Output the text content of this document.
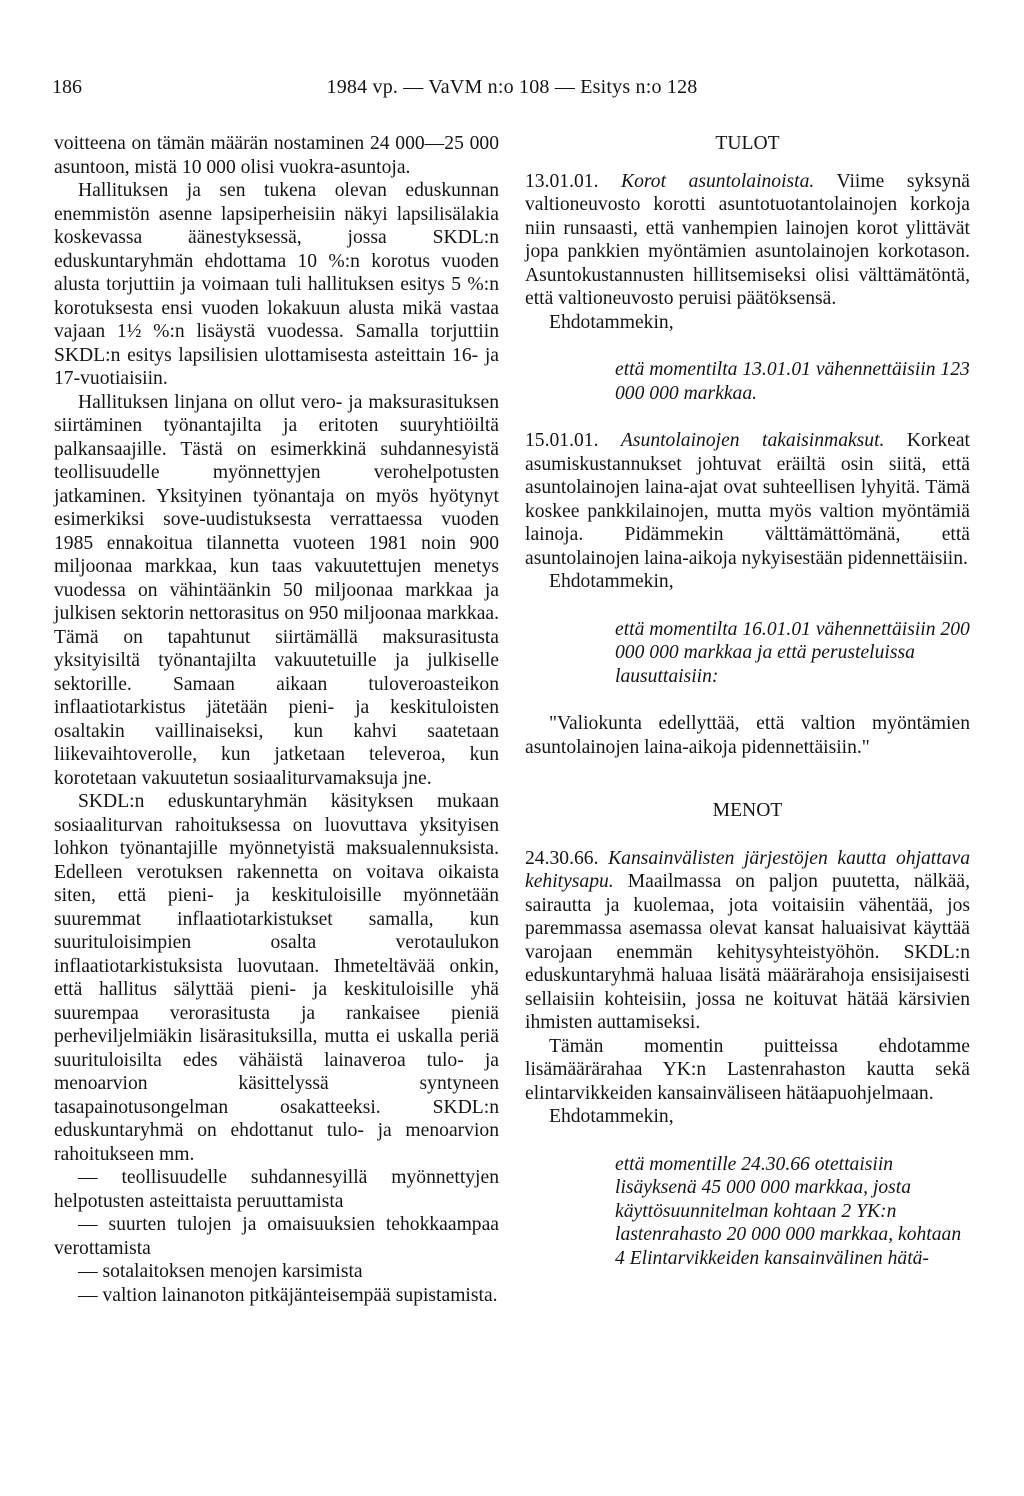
186	1984 vp. — VaVM n:o 108 — Esitys n:o 128

voitteena on tämän määrän nostaminen 24 000—25 000 asuntoon, mistä 10 000 olisi vuokra-asuntoja.

Hallituksen ja sen tukena olevan eduskunnan enemmistön asenne lapsiperheisiin näkyi lapsilisälakia koskevassa äänestyksessä, jossa SKDL:n eduskuntaryhmän ehdottama 10 %:n korotus vuoden alusta torjuttiin ja voimaan tuli hallituksen esitys 5 %:n korotuksesta ensi vuoden lokakuun alusta mikä vastaa vajaan 1½ %:n lisäystä vuodessa. Samalla torjuttiin SKDL:n esitys lapsilisien ulottamisesta asteittain 16- ja 17-vuotiaisiin.

Hallituksen linjana on ollut vero- ja maksurasituksen siirtäminen työnantajilta ja eritoten suuryhtiöiltä palkansaajille. Tästä on esimerkkinä suhdannesyistä teollisuudelle myönnettyjen verohelpotusten jatkaminen. Yksityinen työnantaja on myös hyötynyt esimerkiksi sove-uudistuksesta verrattaessa vuoden 1985 ennakoitua tilannetta vuoteen 1981 noin 900 miljoonaa markkaa, kun taas vakuutettujen menetys vuodessa on vähintäänkin 50 miljoonaa markkaa ja julkisen sektorin nettorasitus on 950 miljoonaa markkaa. Tämä on tapahtunut siirtämällä maksurasitusta yksityisiltä työnantajilta vakuutetuille ja julkiselle sektorille. Samaan aikaan tuloveroasteikon inflaatiotarkistus jätetään pieni- ja keskituloisten osaltakin vaillinaiseksi, kun kahvi saatetaan liikevaihtoverolle, kun jatketaan televeroa, kun korotetaan vakuutetun sosiaaliturvamaksuja jne.

SKDL:n eduskuntaryhmän käsityksen mukaan sosiaaliturvan rahoituksessa on luovuttava yksityisen lohkon työnantajille myönnetyistä maksualennuksista. Edelleen verotuksen rakennetta on voitava oikaista siten, että pieni- ja keskituloisille myönnetään suuremmat inflaatiotarkistukset samalla, kun suurituloisimpien osalta verotaulukon inflaatiotarkistuksista luovutaan. Ihmeteltävää onkin, että hallitus sälyttää pieni- ja keskituloisille yhä suurempaa verorasitusta ja rankaisee pieniä perheviljelmiäkin lisärasituksilla, mutta ei uskalla periä suurituloisilta edes vähäistä lainaveroa tulo- ja menoarvion käsittelyssä syntyneen tasapainotusongelman osakatteeksi. SKDL:n eduskuntaryhmä on ehdottanut tulo- ja menoarvion rahoitukseen mm.

— teollisuudelle suhdannesyillä myönnettyjen helpotusten asteittaista peruuttamista

— suurten tulojen ja omaisuuksien tehokkaampaa verottamista

— sotalaitoksen menojen karsimista

— valtion lainanoton pitkäjänteisempää supistamista.

TULOT

13.01.01. Korot asuntolainoista. Viime syksynä valtioneuvosto korotti asuntotuotantolainojen korkoja niin runsaasti, että vanhempien lainojen korot ylittävät jopa pankkien myöntämien asuntolainojen korkotason. Asuntokustannusten hillitsemiseksi olisi välttämätöntä, että valtioneuvosto peruisi päätöksensä.

Ehdotammekin,

että momentilta 13.01.01 vähennettäisiin 123 000 000 markkaa.

15.01.01. Asuntolainojen takaisinmaksut. Korkeat asumiskustannukset johtuvat eräiltä osin siitä, että asuntolainojen laina-ajat ovat suhteellisen lyhyitä. Tämä koskee pankkilainojen, mutta myös valtion myöntämiä lainoja. Pidämmekin välttämättömänä, että asuntolainojen laina-aikoja nykyisestään pidennettäisiin.

Ehdotammekin,

että momentilta 16.01.01 vähennettäisiin 200 000 000 markkaa ja että perusteluissa lausuttaisiin:

"Valiokunta edellyttää, että valtion myöntämien asuntolainojen laina-aikoja pidennettäisiin."

MENOT

24.30.66. Kansainvälisten järjestöjen kautta ohjattava kehitysapu. Maailmassa on paljon puutetta, nälkää, sairautta ja kuolemaa, jota voitaisiin vähentää, jos paremmassa asemassa olevat kansat haluaisivat käyttää varojaan enemmän kehitysyhteistyöhön. SKDL:n eduskuntaryhmä haluaa lisätä määrärahoja ensisijaisesti sellaisiin kohteisiin, jossa ne koituvat hätää kärsivien ihmisten auttamiseksi.

Tämän momentin puitteissa ehdotamme lisämäärärahaa YK:n Lastenrahaston kautta sekä elintarvikkeiden kansainväliseen hätäapuohjelmaan.

Ehdotammekin,

että momentille 24.30.66 otettaisiin lisäyksenä 45 000 000 markkaa, josta käyttösuunnitelman kohtaan 2 YK:n lastenrahasto 20 000 000 markkaa, kohtaan 4 Elintarvikkeiden kansainvälinen hätä-
